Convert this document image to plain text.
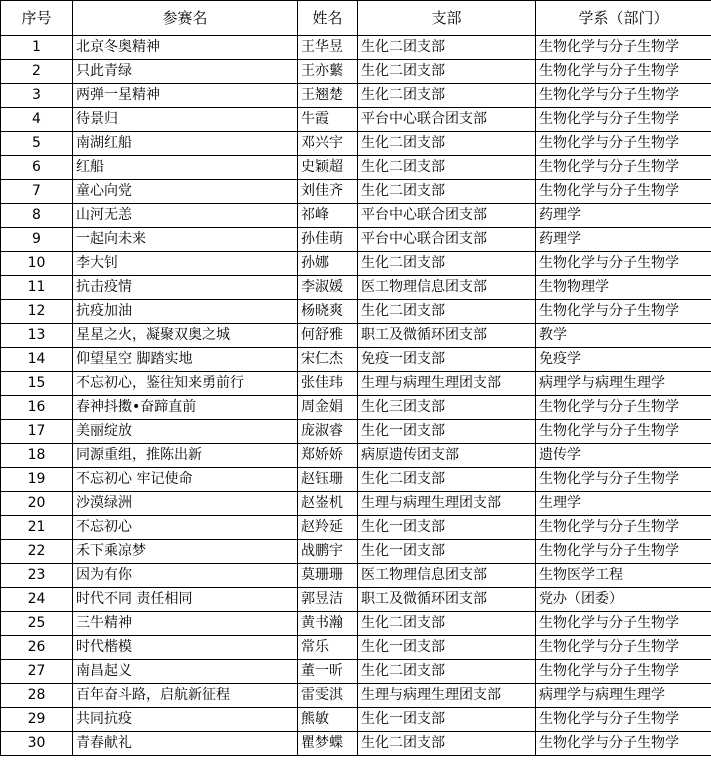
序号	参赛名	姓名	支部	学系（部门）
1	北京冬奥精神	王华昱	生化二团支部	生物化学与分子生物学
2	只此青绿	王亦蘩	生化二团支部	生物化学与分子生物学
3	两弹一星精神	王翘楚	生化二团支部	生物化学与分子生物学
4	待景归	牛霞	平台中心联合团支部	生物化学与分子生物学
5	南湖红船	邓兴宇	生化二团支部	生物化学与分子生物学
6	红船	史颖超	生化二团支部	生物化学与分子生物学
7	童心向党	刘佳齐	生化二团支部	生物化学与分子生物学
8	山河无恙	祁峰	平台中心联合团支部	药理学
9	一起向未来	孙佳萌	平台中心联合团支部	药理学
10	李大钊	孙娜	生化二团支部	生物化学与分子生物学
11	抗击疫情	李淑媛	医工物理信息团支部	生物物理学
12	抗疫加油	杨晓爽	生化二团支部	生物化学与分子生物学
13	星星之火，凝聚双奥之城	何舒雅	职工及微循环团支部	教学
14	仰望星空 脚踏实地	宋仁杰	免疫一团支部	免疫学
15	不忘初心，鉴往知来勇前行	张佳玮	生理与病理生理团支部	病理学与病理生理学
16	春神抖擞•奋蹄直前	周金娟	生化三团支部	生物化学与分子生物学
17	美丽绽放	庞淑睿	生化一团支部	生物化学与分子生物学
18	同源重组，推陈出新	郑娇娇	病原遗传团支部	遗传学
19	不忘初心 牢记使命	赵钰珊	生化二团支部	生物化学与分子生物学
20	沙漠绿洲	赵崟机	生理与病理生理团支部	生理学
21	不忘初心	赵羚延	生化一团支部	生物化学与分子生物学
22	禾下乘凉梦	战鹏宇	生化一团支部	生物化学与分子生物学
23	因为有你	莫珊珊	医工物理信息团支部	生物医学工程
24	时代不同 责任相同	郭昱洁	职工及微循环团支部	党办（团委）
25	三牛精神	黄书瀚	生化二团支部	生物化学与分子生物学
26	时代楷模	常乐	生化一团支部	生物化学与分子生物学
27	南昌起义	董一昕	生化二团支部	生物化学与分子生物学
28	百年奋斗路，启航新征程	雷雯淇	生理与病理生理团支部	病理学与病理生理学
29	共同抗疫	熊敏	生化一团支部	生物化学与分子生物学
30	青春献礼	瞿梦蝶	生化二团支部	生物化学与分子生物学
